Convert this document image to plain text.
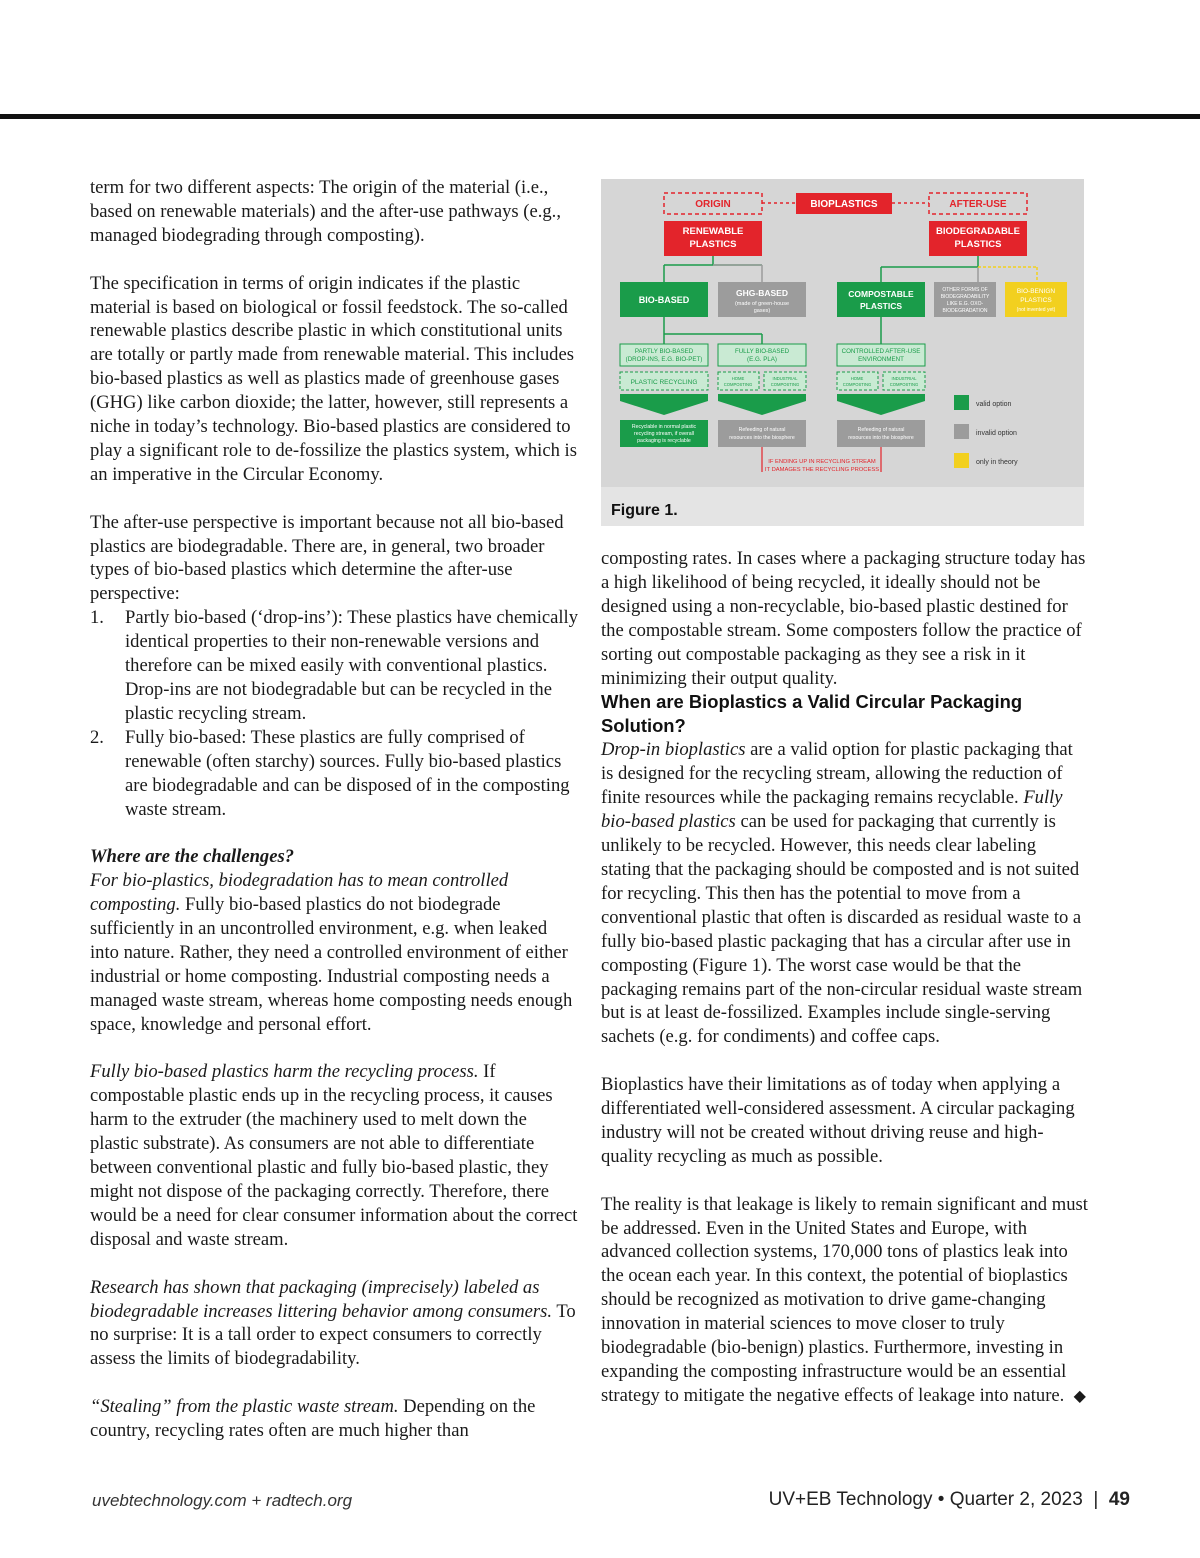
term for two different aspects: The origin of the material (i.e., based on renewable materials) and the after-use pathways (e.g., managed biodegrading through composting).

The specification in terms of origin indicates if the plastic material is based on biological or fossil feedstock. The so-called renewable plastics describe plastic in which constitutional units are totally or partly made from renewable material. This includes bio-based plastics as well as plastics made of greenhouse gases (GHG) like carbon dioxide; the latter, however, still represents a niche in today’s technology. Bio-based plastics are considered to play a significant role to de-fossilize the plastics system, which is an imperative in the Circular Economy.

The after-use perspective is important because not all bio-based plastics are biodegradable. There are, in general, two broader types of bio-based plastics which determine the after-use perspective:

1. Partly bio-based (‘drop-ins’): These plastics have chemically identical properties to their non-renewable versions and therefore can be mixed easily with conventional plastics. Drop-ins are not biodegradable but can be recycled in the plastic recycling stream.
2. Fully bio-based: These plastics are fully comprised of renewable (often starchy) sources. Fully bio-based plastics are biodegradable and can be disposed of in the composting waste stream.

Where are the challenges?

For bio-plastics, biodegradation has to mean controlled composting. Fully bio-based plastics do not biodegrade sufficiently in an uncontrolled environment, e.g. when leaked into nature. Rather, they need a controlled environment of either industrial or home composting. Industrial composting needs a managed waste stream, whereas home composting needs enough space, knowledge and personal effort.

Fully bio-based plastics harm the recycling process. If compostable plastic ends up in the recycling process, it causes harm to the extruder (the machinery used to melt down the plastic substrate). As consumers are not able to differentiate between conventional plastic and fully bio-based plastic, they might not dispose of the packaging correctly. Therefore, there would be a need for clear consumer information about the correct disposal and waste stream.

Research has shown that packaging (imprecisely) labeled as biodegradable increases littering behavior among consumers. To no surprise: It is a tall order to expect consumers to correctly assess the limits of biodegradability.

“Stealing” from the plastic waste stream. Depending on the country, recycling rates often are much higher than

ORIGIN	BIOPLASTICS	AFTER-USE
RENEWABLE
PLASTICS
BIODEGRADABLE
PLASTICS
BIO-BASED
GHG-BASED
(made of green-house
gases)
COMPOSTABLE
PLASTICS
OTHER FORMS OF
BIODEGRADABILITY
LIKE E.G. OXO-
BIODEGRADATION
BIO-BENIGN
PLASTICS
(not invented yet)
PARTLY BIO-BASED
(DROP-INS, E.G. BIO-PET)
FULLY BIO-BASED
(E.G. PLA)
CONTROLLED AFTER-USE
ENVIRONMENT
PLASTIC RECYCLING
HOME
COMPOSTING
INDUSTRIAL
COMPOSTING
HOME
COMPOSTING
INDUSTRIAL
COMPOSTING
Recyclable in normal plastic
recycling stream, if overall
packaging is recyclable
Refeeding of natural
resources into the biosphere
Refeeding of natural
resources into the biosphere
IF ENDING UP IN RECYCLING STREAM
IT DAMAGES THE RECYCLING PROCESS
valid option
invalid option
only in theory
Figure 1.

composting rates. In cases where a packaging structure today has a high likelihood of being recycled, it ideally should not be designed using a non-recyclable, bio-based plastic destined for the compostable stream. Some composters follow the practice of sorting out compostable packaging as they see a risk in it minimizing their output quality.

When are Bioplastics a Valid Circular Packaging Solution?

Drop-in bioplastics are a valid option for plastic packaging that is designed for the recycling stream, allowing the reduction of finite resources while the packaging remains recyclable. Fully bio-based plastics can be used for packaging that currently is unlikely to be recycled. However, this needs clear labeling stating that the packaging should be composted and is not suited for recycling. This then has the potential to move from a conventional plastic that often is discarded as residual waste to a fully bio-based plastic packaging that has a circular after use in composting (Figure 1). The worst case would be that the packaging remains part of the non-circular residual waste stream but is at least de-fossilized. Examples include single-serving sachets (e.g. for condiments) and coffee caps.

Bioplastics have their limitations as of today when applying a differentiated well-considered assessment. A circular packaging industry will not be created without driving reuse and high-quality recycling as much as possible.

The reality is that leakage is likely to remain significant and must be addressed. Even in the United States and Europe, with advanced collection systems, 170,000 tons of plastics leak into the ocean each year. In this context, the potential of bioplastics should be recognized as motivation to drive game-changing innovation in material sciences to move closer to truly biodegradable (bio-benign) plastics. Furthermore, investing in expanding the composting infrastructure would be an essential strategy to mitigate the negative effects of leakage into nature. ◆

uvebtechnology.com + radtech.org	UV+EB Technology • Quarter 2, 2023  |  49
